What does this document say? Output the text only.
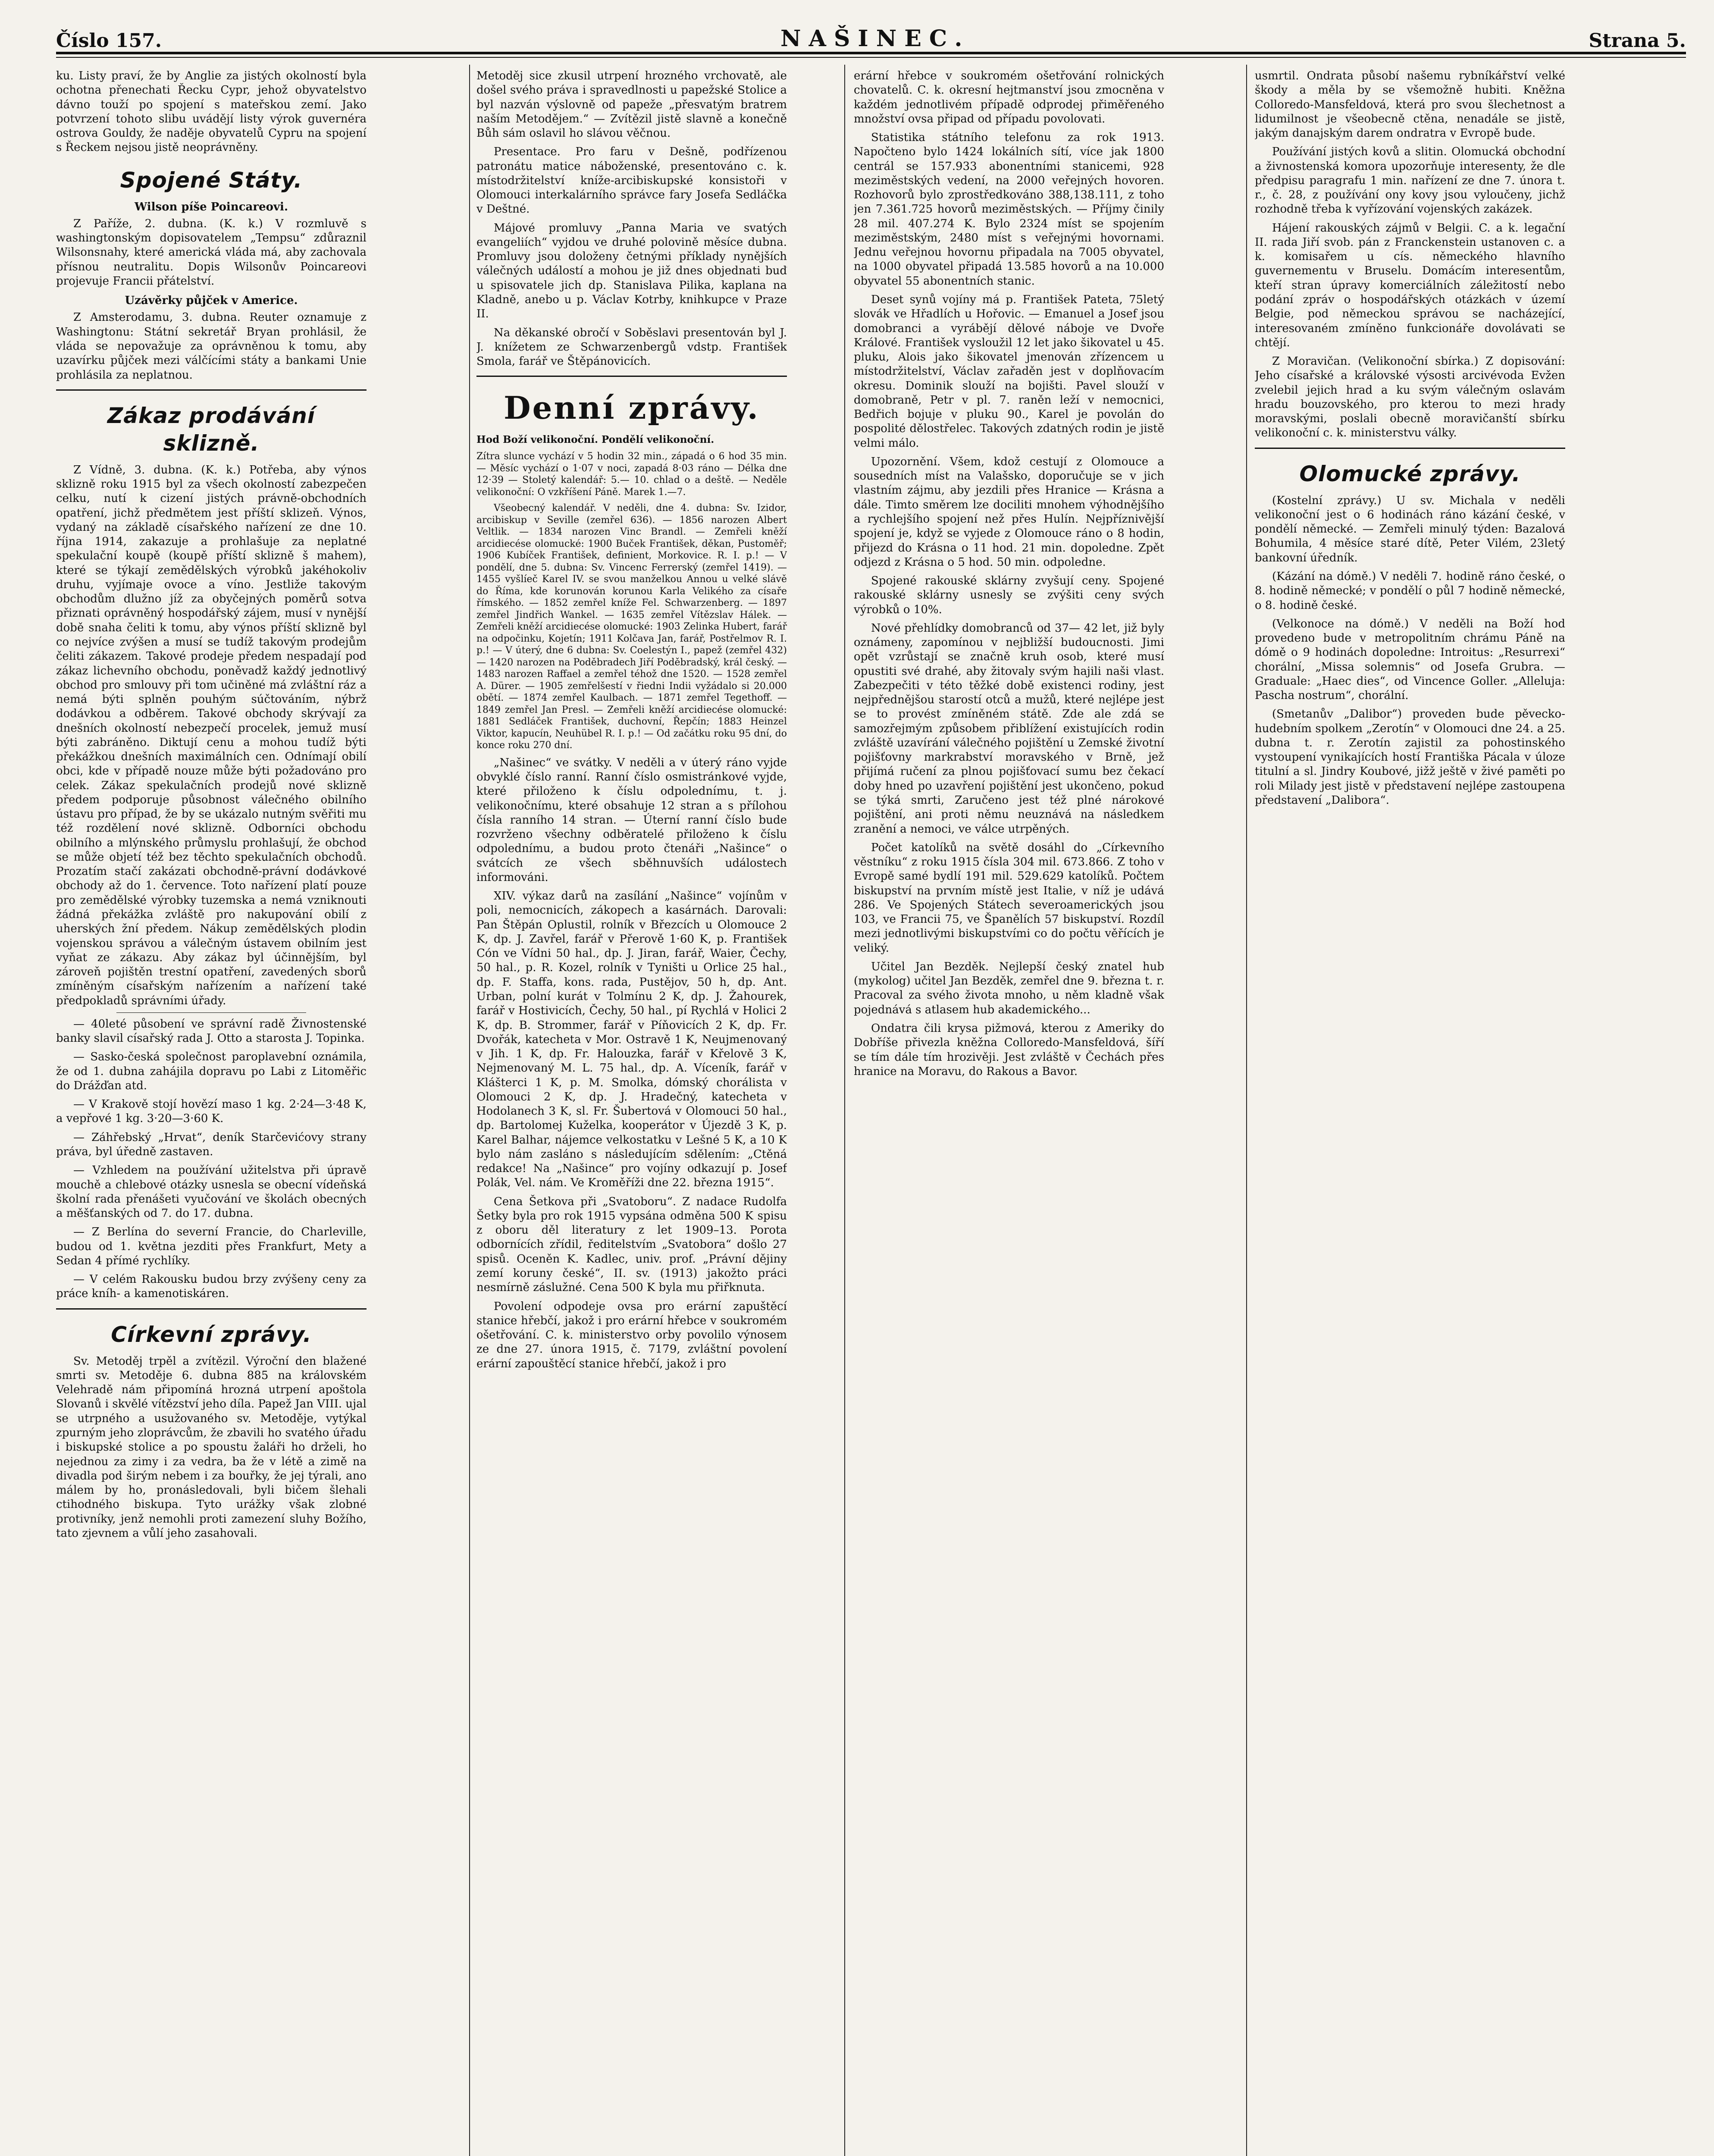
Číslo 157.	NAŠINEC.	Strana 5.

ku. Listy praví, že by Anglie za jistých okolností byla ochotna přenechati Řecku Cypr, jehož obyvatelstvo dávno touží po spojení s mateřskou zemí. Jako potvrzení tohoto slibu uvádějí listy výrok guvernéra ostrova Gouldy, že naděje obyvatelů Cypru na spojení s Řeckem nejsou jistě neoprávněny.

Spojené Státy.
Wilson píše Poincareovi.

Z Paříže, 2. dubna. (K. k.) V rozmluvě s washingtonským dopisovatelem „Tempsu“ zdůraznil Wilsonsnahy, které americká vláda má, aby zachovala přísnou neutralitu. Dopis Wilsonův Poincareovi projevuje Francii přátelství.

Uzávěrky půjček v Americe.

Z Amsterodamu, 3. dubna. Reuter oznamuje z Washingtonu: Státní sekretář Bryan prohlásil, že vláda se nepovažuje za oprávněnou k tomu, aby uzavírku půjček mezi válčícími státy a bankami Unie prohlásila za neplatnou.

Zákaz prodávání sklizně.

Z Vídně, 3. dubna. (K. k.) Potřeba, aby výnos sklizně roku 1915 byl za všech okolností zabezpečen celku, nutí k cizení jistých právně-obchodních opatření, jichž předmětem jest příští sklizeň. Výnos, vydaný na základě císařského nařízení ze dne 10. října 1914, zakazuje a prohlašuje za neplatné spekulační koupě (koupě příští sklizně š mahem), které se týkají zemědělských výrobků jakéhokoliv druhu, vyjímaje ovoce a víno. Jestliže takovým obchodům dlužno jíž za obyčejných poměrů sotva přiznati oprávněný hospodářský zájem, musí v nynější době snaha čeliti k tomu, aby výnos příští sklizně byl co nejvíce zvýšen a musí se tudíž takovým prodejům čeliti zákazem. Takové prodeje předem nespadají pod zákaz lichevního obchodu, poněvadž každý jednotlivý obchod pro smlouvy při tom učiněné má zvláštní ráz a nemá býti splněn pouhým súčtováním, nýbrž dodávkou a odběrem. Takové obchody skrývají za dnešních okolností nebezpečí procelek, jemuž musí býti zabráněno. Diktují cenu a mohou tudíž býti překážkou dnešních maximálních cen. Odnímají obilí obci, kde v případě nouze může býti požadováno pro celek. Zákaz spekulačních prodejů nové sklizně předem podporuje působnost válečného obilního ústavu pro případ, že by se ukázalo nutným svěřiti mu též rozdělení nové sklizně. Odborníci obchodu obilního a mlýnského průmyslu prohlašují, že obchod se může objetí též bez těchto spekulačních obchodů. Prozatím stačí zakázati obchodně-právní dodávkové obchody až do 1. července. Toto nařízení platí pouze pro zemědělské výrobky tuzemska a nemá vzniknouti žádná překážka zvláště pro nakupování obilí z uherských žní předem. Nákup zemědělských plodin vojenskou správou a válečným ústavem obilním jest vyňat ze zákazu. Aby zákaz byl účinnějším, byl zároveň pojištěn trestní opatření, zavedených sborů zmíněným císařským nařízením a nařízení také předpokladů správními úřady.

— 40leté působení ve správní radě Živnostenské banky slavil císařský rada J. Otto a starosta J. Topinka.

— Sasko-česká společnost paroplavební oznámila, že od 1. dubna zahájila dopravu po Labi z Litoměřic do Drážďan atd.

— V Krakově stojí hovězí maso 1 kg. 2·24—3·48 K, a vepřové 1 kg. 3·20—3·60 K.

— Záhřebský „Hrvat“, deník Starčevićovy strany práva, byl úředně zastaven.

— Vzhledem na používání užitelstva při úpravě mouchě a chlebové otázky usnesla se obecní vídeňská školní rada přenášeti vyučování ve školách obecných a měšťanských od 7. do 17. dubna.

— Z Berlína do severní Francie, do Charleville, budou od 1. května jezditi přes Frankfurt, Mety a Sedan 4 přímé rychlíky.

— V celém Rakousku budou brzy zvýšeny ceny za práce kníh- a kamenotiskáren.

Církevní zprávy.

Sv. Metoděj trpěl a zvítězil. Výroční den blažené smrti sv. Metoděje 6. dubna 885 na královském Velehradě nám připomíná hrozná utrpení apoštola Slovanů i skvělé vítězství jeho díla. Papež Jan VIII. ujal se utrpného a usužovaného sv. Metoděje, vytýkal zpurným jeho zloprávcům, že zbavili ho svatého úřadu i biskupské stolice a po spoustu žaláři ho drželi, ho nejednou za zimy i za vedra, ba že v létě a zimě na divadla pod širým nebem i za bouřky, že jej týrali, ano málem by ho, pronásledovali, byli bičem šlehali ctihodného biskupa. Tyto urážky však zlobné protivníky, jenž nemohli proti zamezení sluhy Božího, tato zjevnem a vůlí jeho zasahovali.

Metoděj sice zkusil utrpení hrozného vrchovatě, ale došel svého práva i spravedlnosti u papežské Stolice a byl nazván výslovně od papeže „přesvatým bratrem naším Metodějem.“ — Zvítězil jistě slavně a konečně Bůh sám oslavil ho slávou věčnou.

Presentace. Pro faru v Dešně, podřízenou patronátu matice náboženské, presentováno c. k. místodržitelství kníže-arcibiskupské konsistoři v Olomouci interkalárního správce fary Josefa Sedláčka v Deštné.

Májové promluvy „Panna Maria ve svatých evangeliích“ vyjdou ve druhé polovině měsíce dubna. Promluvy jsou doloženy četnými příklady nynějších válečných událostí a mohou je již dnes objednati buď u spisovatele jich dp. Stanislava Pilika, kaplana na Kladně, anebo u p. Václav Kotrby, knihkupce v Praze II.

Na děkanské obročí v Soběslavi presentován byl J. J. knížetem ze Schwarzenbergů vdstp. František Smola, farář ve Štěpánovicích.

Denní zprávy.
Hod Boží velikonoční. Pondělí velikonoční.

Zítra slunce vychází v 5 hodin 32 min., západá o 6 hod 35 min. — Měsíc vychází o 1·07 v noci, zapadá 8·03 ráno — Délka dne 12·39 — Stoletý kalendář: 5.— 10. chlad o a deště. — Neděle velikonoční: O vzkříšení Páně. Marek 1.—7.

Všeobecný kalendář. V neděli, dne 4. dubna: Sv. Izidor, arcibiskup v Seville (zemřel 636). — 1856 narozen Albert Veltlik. — 1834 narozen Vinc Brandl. — Zemřeli kněží arcidiecése olomucké: 1900 Buček František, děkan, Pustoměř; 1906 Kubíček František, definient, Morkovice. R. I. p.! — V pondělí, dne 5. dubna: Sv. Vincenc Ferrerský (zemřel 1419). — 1455 vyšlíeč Karel IV. se svou manželkou Annou u velké slávě do Říma, kde korunován korunou Karla Velikého za císaře římského. — 1852 zemřel kníže Fel. Schwarzenberg. — 1897 zemřel Jindřich Wankel. — 1635 zemřel Vítězslav Hálek. — Zemřeli kněží arcidiecése olomucké: 1903 Zelinka Hubert, farář na odpočinku, Kojetín; 1911 Kolčava Jan, farář, Postřelmov R. I. p.! — V úterý, dne 6 dubna: Sv. Coelestýn I., papež (zemřel 432) — 1420 narozen na Poděbradech Jiří Poděbradský, král český. — 1483 narozen Raffael a zemřel téhož dne 1520. — 1528 zemřel A. Dürer. — 1905 zemřelšestí v řiedni Indii vyžádalo si 20.000 obětí. — 1874 zemřel Kaulbach. — 1871 zemřel Tegethoff. — 1849 zemřel Jan Presl. — Zemřeli kněží arcidiecése olomucké: 1881 Sedláček František, duchovní, Řepčín; 1883 Heinzel Viktor, kapucín, Neuhübel R. I. p.! — Od začátku roku 95 dní, do konce roku 270 dní.

„Našinec“ ve svátky. V neděli a v úterý ráno vyjde obvyklé číslo ranní. Ranní číslo osmistránkové vyjde, které přiloženo k číslu odpolednímu, t. j. velikonočnímu, které obsahuje 12 stran a s přílohou čísla ranního 14 stran. — Úterní ranní číslo bude rozvrženo všechny odběratelé přiloženo k číslu odpolednímu, a budou proto čtenáři „Našince“ o svátcích ze všech sběhnuvších událostech informováni.

XIV. výkaz darů na zasílání „Našince“ vojínům v poli, nemocnicích, zákopech a kasárnách. Darovali: Pan Štěpán Oplustil, rolník v Březcích u Olomouce 2 K, dp. J. Zavřel, farář v Přerově 1·60 K, p. František Cón ve Vídni 50 hal., dp. J. Jiran, farář, Waier, Čechy, 50 hal., p. R. Kozel, rolník v Tyništi u Orlice 25 hal., dp. F. Staffa, kons. rada, Pustějov, 50 h, dp. Ant. Urban, polní kurát v Tolmínu 2 K, dp. J. Žahourek, farář v Hostivicích, Čechy, 50 hal., pí Rychlá v Holici 2 K, dp. B. Strommer, farář v Píňovicích 2 K, dp. Fr. Dvořák, katecheta v Mor. Ostravě 1 K, Neujmenovaný v Jih. 1 K, dp. Fr. Halouzka, farář v Křelově 3 K, Nejmenovaný M. L. 75 hal., dp. A. Víceník, farář v Klášterci 1 K, p. M. Smolka, dómský chorálista v Olomouci 2 K, dp. J. Hradečný, katecheta v Hodolanech 3 K, sl. Fr. Šubertová v Olomouci 50 hal., dp. Bartolomej Kuželka, kooperátor v Újezdě 3 K, p. Karel Balhar, nájemce velkostatku v Lešné 5 K, a 10 K bylo nám zasláno s následujícím sdělením: „Ctěná redakce! Na „Našince“ pro vojíny odkazují p. Josef Polák, Vel. nám. Ve Kroměříži dne 22. března 1915“.

Cena Šetkova při „Svatoboru“. Z nadace Rudolfa Šetky byla pro rok 1915 vypsána odměna 500 K spisu z oboru děl literatury z let 1909–13. Porota odbornících zřídil, ředitelstvím „Svatobora“ došlo 27 spisů. Oceněn K. Kadlec, univ. prof. „Právní dějiny zemí koruny české“, II. sv. (1913) jakožto práci nesmírně záslužné. Cena 500 K byla mu přiřknuta.

Povolení odpodeje ovsa pro erární zapuštěcí stanice hřebčí, jakož i pro erární hřebce v soukromém ošetřování. C. k. ministerstvo orby povolilo výnosem ze dne 27. února 1915, č. 7179, zvláštní povolení erární zapouštěcí stanice hřebčí, jakož i pro

erární hřebce v soukromém ošetřování rolnických chovatelů. C. k. okresní hejtmanství jsou zmocněna v každém jednotlivém případě odprodej přiměřeného množství ovsa připad od případu povolovati.

Statistika státního telefonu za rok 1913. Napočteno bylo 1424 lokálních sítí, více jak 1800 centrál se 157.933 abonentními stanicemi, 928 meziměstských vedení, na 2000 veřejných hovoren. Rozhovorů bylo zprostředkováno 388,138.111, z toho jen 7.361.725 hovorů meziměstských. — Příjmy činily 28 mil. 407.274 K. Bylo 2324 míst se spojením meziměstským, 2480 míst s veřejnými hovornami. Jednu veřejnou hovornu připadala na 7005 obyvatel, na 1000 obyvatel připadá 13.585 hovorů a na 10.000 obyvatel 55 abonentních stanic.

Deset synů vojíny má p. František Pateta, 75letý slovák ve Hřadlích u Hořovic. — Emanuel a Josef jsou domobranci a vyrábějí dělové náboje ve Dvoře Králové. František vysloužil 12 let jako šikovatel u 45. pluku, Alois jako šikovatel jmenován zřízencem u místodržitelství, Václav zařaděn jest v doplňovacím okresu. Dominik slouží na bojišti. Pavel slouží v domobraně, Petr v pl. 7. raněn leží v nemocnici, Bedřich bojuje v pluku 90., Karel je povolán do pospolité dělostřelec. Takových zdatných rodin je jistě velmi málo.

Upozornění. Všem, kdož cestují z Olomouce a sousedních míst na Valašsko, doporučuje se v jich vlastním zájmu, aby jezdili přes Hranice — Krásna a dále. Timto směrem lze dociliti mnohem výhodnějšího a rychlejšího spojení než přes Hulín. Nejpříznivější spojení je, když se vyjede z Olomouce ráno o 8 hodin, přijezd do Krásna o 11 hod. 21 min. dopoledne. Zpět odjezd z Krásna o 5 hod. 50 min. odpoledne.

Spojené rakouské sklárny zvyšují ceny. Spojené rakouské sklárny usnesly se zvýšiti ceny svých výrobků o 10%.

Nové přehlídky domobranců od 37— 42 let, již byly oznámeny, zapomínou v nejbližší budoucnosti. Jimi opět vzrůstají se značně kruh osob, které musí opustiti své drahé, aby žitovaly svým hajili naši vlast. Zabezpečiti v této těžké době existenci rodiny, jest nejpřednějšou starostí otců a mužů, které nejlépe jest se to provést zmíněném státě. Zde ale zdá se samozřejmým způsobem přiblížení existujících rodin zvláště uzavírání válečného pojištění u Zemské životní pojišťovny markrabství moravského v Brně, jež přijímá ručení za plnou pojišťovací sumu bez čekací doby hned po uzavření pojištění jest ukončeno, pokud se týká smrti, Zaručeno jest též plné nárokové pojištění, ani proti němu neuznává na následkem zranění a nemoci, ve válce utrpěných.

Počet katolíků na světě dosáhl do „Církevního věstníku“ z roku 1915 čísla 304 mil. 673.866. Z toho v Evropě samé bydlí 191 mil. 529.629 katolíků. Počtem biskupství na prvním místě jest Italie, v níž je udává 286. Ve Spojených Státech severoamerických jsou 103, ve Francii 75, ve Španělích 57 biskupství. Rozdíl mezi jednotlivými biskupstvími co do počtu věřících je veliký.

Učitel Jan Bezděk. Nejlepší český znatel hub (mykolog) učitel Jan Bezděk, zemřel dne 9. března t. r. Pracoval za svého života mnoho, u něm kladně však pojednává s atlasem hub akademického...

Ondatra čili krysa pižmová, kterou z Ameriky do Dobříše přivezla kněžna Colloredo-Mansfeldová, šíří se tím dále tím hrozivěji. Jest zvláště v Čechách přes hranice na Moravu, do Rakous a Bavor.

usmrtil. Ondrata působí našemu rybníkářství velké škody a měla by se všemožně hubiti. Kněžna Colloredo-Mansfeldová, která pro svou šlechetnost a lidumilnost je všeobecně ctěna, nenadále se jistě, jakým danajským darem ondratra v Evropě bude.

Používání jistých kovů a slitin. Olomucká obchodní a živnostenská komora upozorňuje interesenty, že dle předpisu paragrafu 1 min. nařízení ze dne 7. února t. r., č. 28, z používání ony kovy jsou vyloučeny, jichž rozhodně třeba k vyřízování vojenských zakázek.

Hájení rakouských zájmů v Belgii. C. a k. legační II. rada Jiří svob. pán z Franckenstein ustanoven c. a k. komisařem u cís. německého hlavního guvernementu v Bruselu. Domácím interesentům, kteří stran úpravy komerciálních záležitostí nebo podání zpráv o hospodářských otázkách v území Belgie, pod německou správou se nacházející, interesovaném zmíněno funkcionáře dovolávati se chtějí.

Z Moravičan. (Velikonoční sbírka.) Z dopisování: Jeho císařské a královské výsosti arcivévoda Evžen zvelebil jejich hrad a ku svým válečným oslavám hradu bouzovského, pro kterou to mezi hrady moravskými, poslali obecně moravičanští sbírku velikonoční c. k. ministerstvu války.

Olomucké zprávy.

(Kostelní zprávy.) U sv. Michala v neděli velikonoční jest o 6 hodinách ráno kázání české, v pondělí německé. — Zemřeli minulý týden: Bazalová Bohumila, 4 měsíce staré dítě, Peter Vilém, 23letý bankovní úředník.

(Kázání na dómě.) V neděli 7. hodině ráno české, o 8. hodině německé; v pondělí o půl 7 hodině německé, o 8. hodině české.

(Velkonoce na dómě.) V neděli na Boží hod provedeno bude v metropolitním chrámu Páně na dómě o 9 hodinách dopoledne: Introitus: „Resurrexi“ chorální, „Missa solemnis“ od Josefa Grubra. — Graduale: „Haec dies“, od Vincence Goller. „Alleluja: Pascha nostrum“, chorální.

(Smetanův „Dalibor“) proveden bude pěvecko-hudebním spolkem „Zerotín“ v Olomouci dne 24. a 25. dubna t. r. Zerotín zajistil za pohostinského vystoupení vynikajících hostí Františka Pácala v úloze titulní a sl. Jindry Koubové, jižž ještě v živé paměti po roli Milady jest jistě v představení nejlépe zastoupena představení „Dalibora“.
